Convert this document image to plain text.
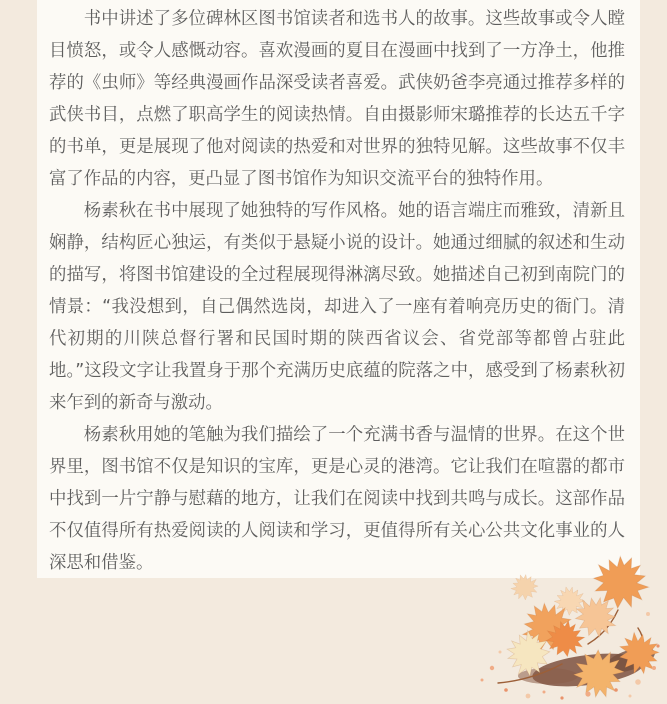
书中讲述了多位碑林区图书馆读者和选书人的故事。这些故事或令人瞠目愤怒，或令人感慨动容。喜欢漫画的夏目在漫画中找到了一方净土，他推荐的《虫师》等经典漫画作品深受读者喜爱。武侠奶爸李亮通过推荐多样的武侠书目，点燃了职高学生的阅读热情。自由摄影师宋璐推荐的长达五千字的书单，更是展现了他对阅读的热爱和对世界的独特见解。这些故事不仅丰富了作品的内容，更凸显了图书馆作为知识交流平台的独特作用。

杨素秋在书中展现了她独特的写作风格。她的语言端庄而雅致，清新且娴静，结构匠心独运，有类似于悬疑小说的设计。她通过细腻的叙述和生动的描写，将图书馆建设的全过程展现得淋漓尽致。她描述自己初到南院门的情景：“我没想到，自己偶然选岗，却进入了一座有着响亮历史的衙门。清代初期的川陕总督行署和民国时期的陕西省议会、省党部等都曾占驻此地。”这段文字让我置身于那个充满历史底蕴的院落之中，感受到了杨素秋初来乍到的新奇与激动。

杨素秋用她的笔触为我们描绘了一个充满书香与温情的世界。在这个世界里，图书馆不仅是知识的宝库，更是心灵的港湾。它让我们在喧嚣的都市中找到一片宁静与慰藉的地方，让我们在阅读中找到共鸣与成长。这部作品不仅值得所有热爱阅读的人阅读和学习，更值得所有关心公共文化事业的人深思和借鉴。
